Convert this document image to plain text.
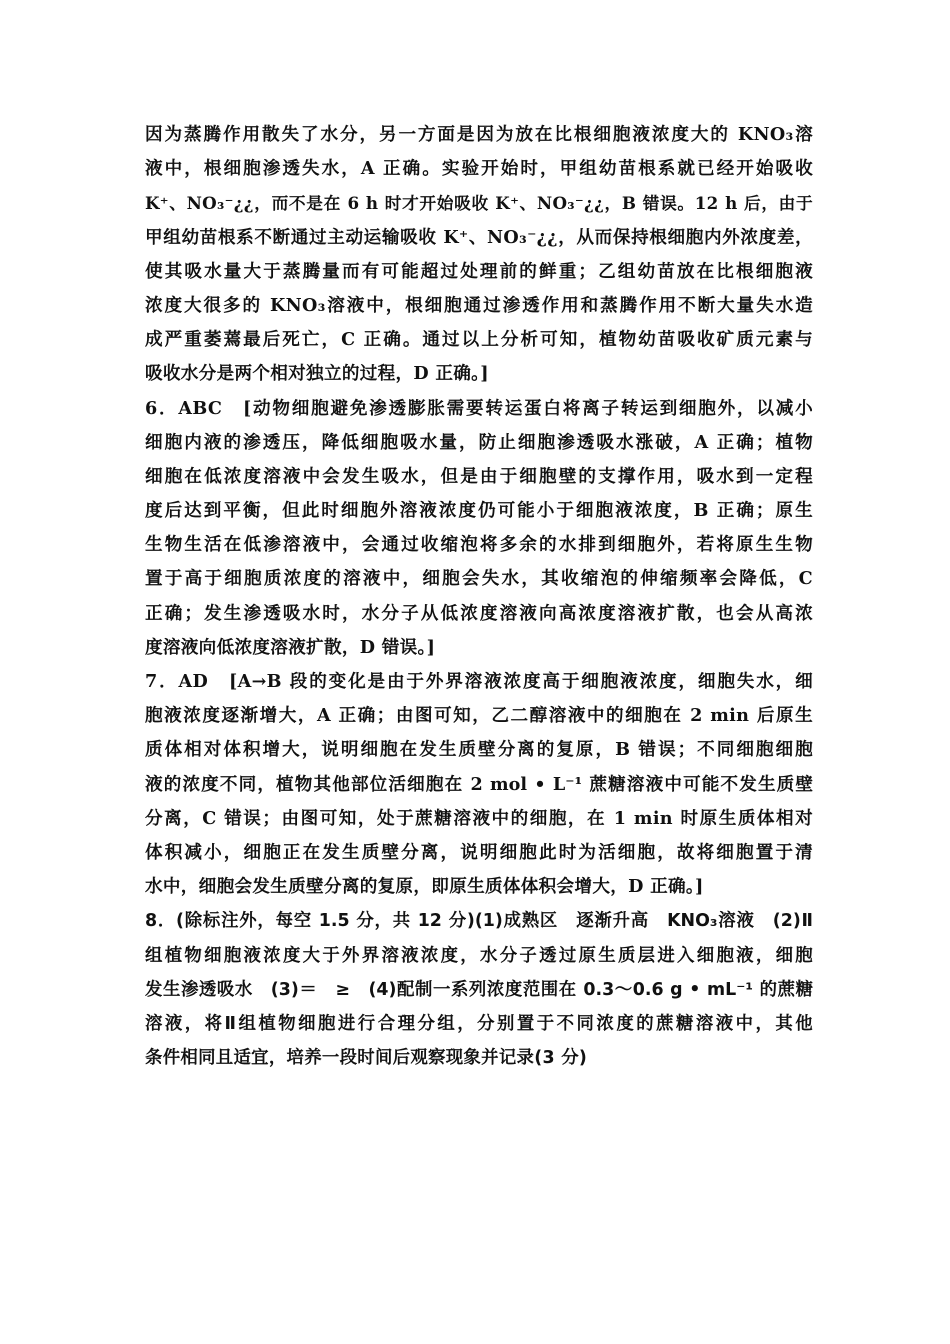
因为蒸腾作用散失了水分，另一方面是因为放在比根细胞液浓度大的 KNO₃溶
液中，根细胞渗透失水，A 正确。实验开始时，甲组幼苗根系就已经开始吸收
K⁺、NO₃⁻¿¿，而不是在 6 h 时才开始吸收 K⁺、NO₃⁻¿¿，B 错误。12 h 后，由于
甲组幼苗根系不断通过主动运输吸收 K⁺、NO₃⁻¿¿，从而保持根细胞内外浓度差，
使其吸水量大于蒸腾量而有可能超过处理前的鲜重；乙组幼苗放在比根细胞液
浓度大很多的 KNO₃溶液中，根细胞通过渗透作用和蒸腾作用不断大量失水造
成严重萎蔫最后死亡，C 正确。通过以上分析可知，植物幼苗吸收矿质元素与
吸收水分是两个相对独立的过程，D 正确。]
6．ABC　[动物细胞避免渗透膨胀需要转运蛋白将离子转运到细胞外，以减小
细胞内液的渗透压，降低细胞吸水量，防止细胞渗透吸水涨破，A 正确；植物
细胞在低浓度溶液中会发生吸水，但是由于细胞壁的支撑作用，吸水到一定程
度后达到平衡，但此时细胞外溶液浓度仍可能小于细胞液浓度，B 正确；原生
生物生活在低渗溶液中，会通过收缩泡将多余的水排到细胞外，若将原生生物
置于高于细胞质浓度的溶液中，细胞会失水，其收缩泡的伸缩频率会降低，C
正确；发生渗透吸水时，水分子从低浓度溶液向高浓度溶液扩散，也会从高浓
度溶液向低浓度溶液扩散，D 错误。]
7．AD　[A→B 段的变化是由于外界溶液浓度高于细胞液浓度，细胞失水，细
胞液浓度逐渐增大，A 正确；由图可知，乙二醇溶液中的细胞在 2 min 后原生
质体相对体积增大，说明细胞在发生质壁分离的复原，B 错误；不同细胞细胞
液的浓度不同，植物其他部位活细胞在 2 mol • L⁻¹ 蔗糖溶液中可能不发生质壁
分离，C 错误；由图可知，处于蔗糖溶液中的细胞，在 1 min 时原生质体相对
体积减小，细胞正在发生质壁分离，说明细胞此时为活细胞，故将细胞置于清
水中，细胞会发生质壁分离的复原，即原生质体体积会增大，D 正确。]
8．(除标注外，每空 1.5 分，共 12 分)(1)成熟区　逐渐升高　KNO₃溶液　(2)Ⅱ
组植物细胞液浓度大于外界溶液浓度，水分子透过原生质层进入细胞液，细胞
发生渗透吸水　(3)＝　≥　(4)配制一系列浓度范围在 0.3～0.6 g • mL⁻¹ 的蔗糖
溶液，将Ⅱ组植物细胞进行合理分组，分别置于不同浓度的蔗糖溶液中，其他
条件相同且适宜，培养一段时间后观察现象并记录(3 分)
